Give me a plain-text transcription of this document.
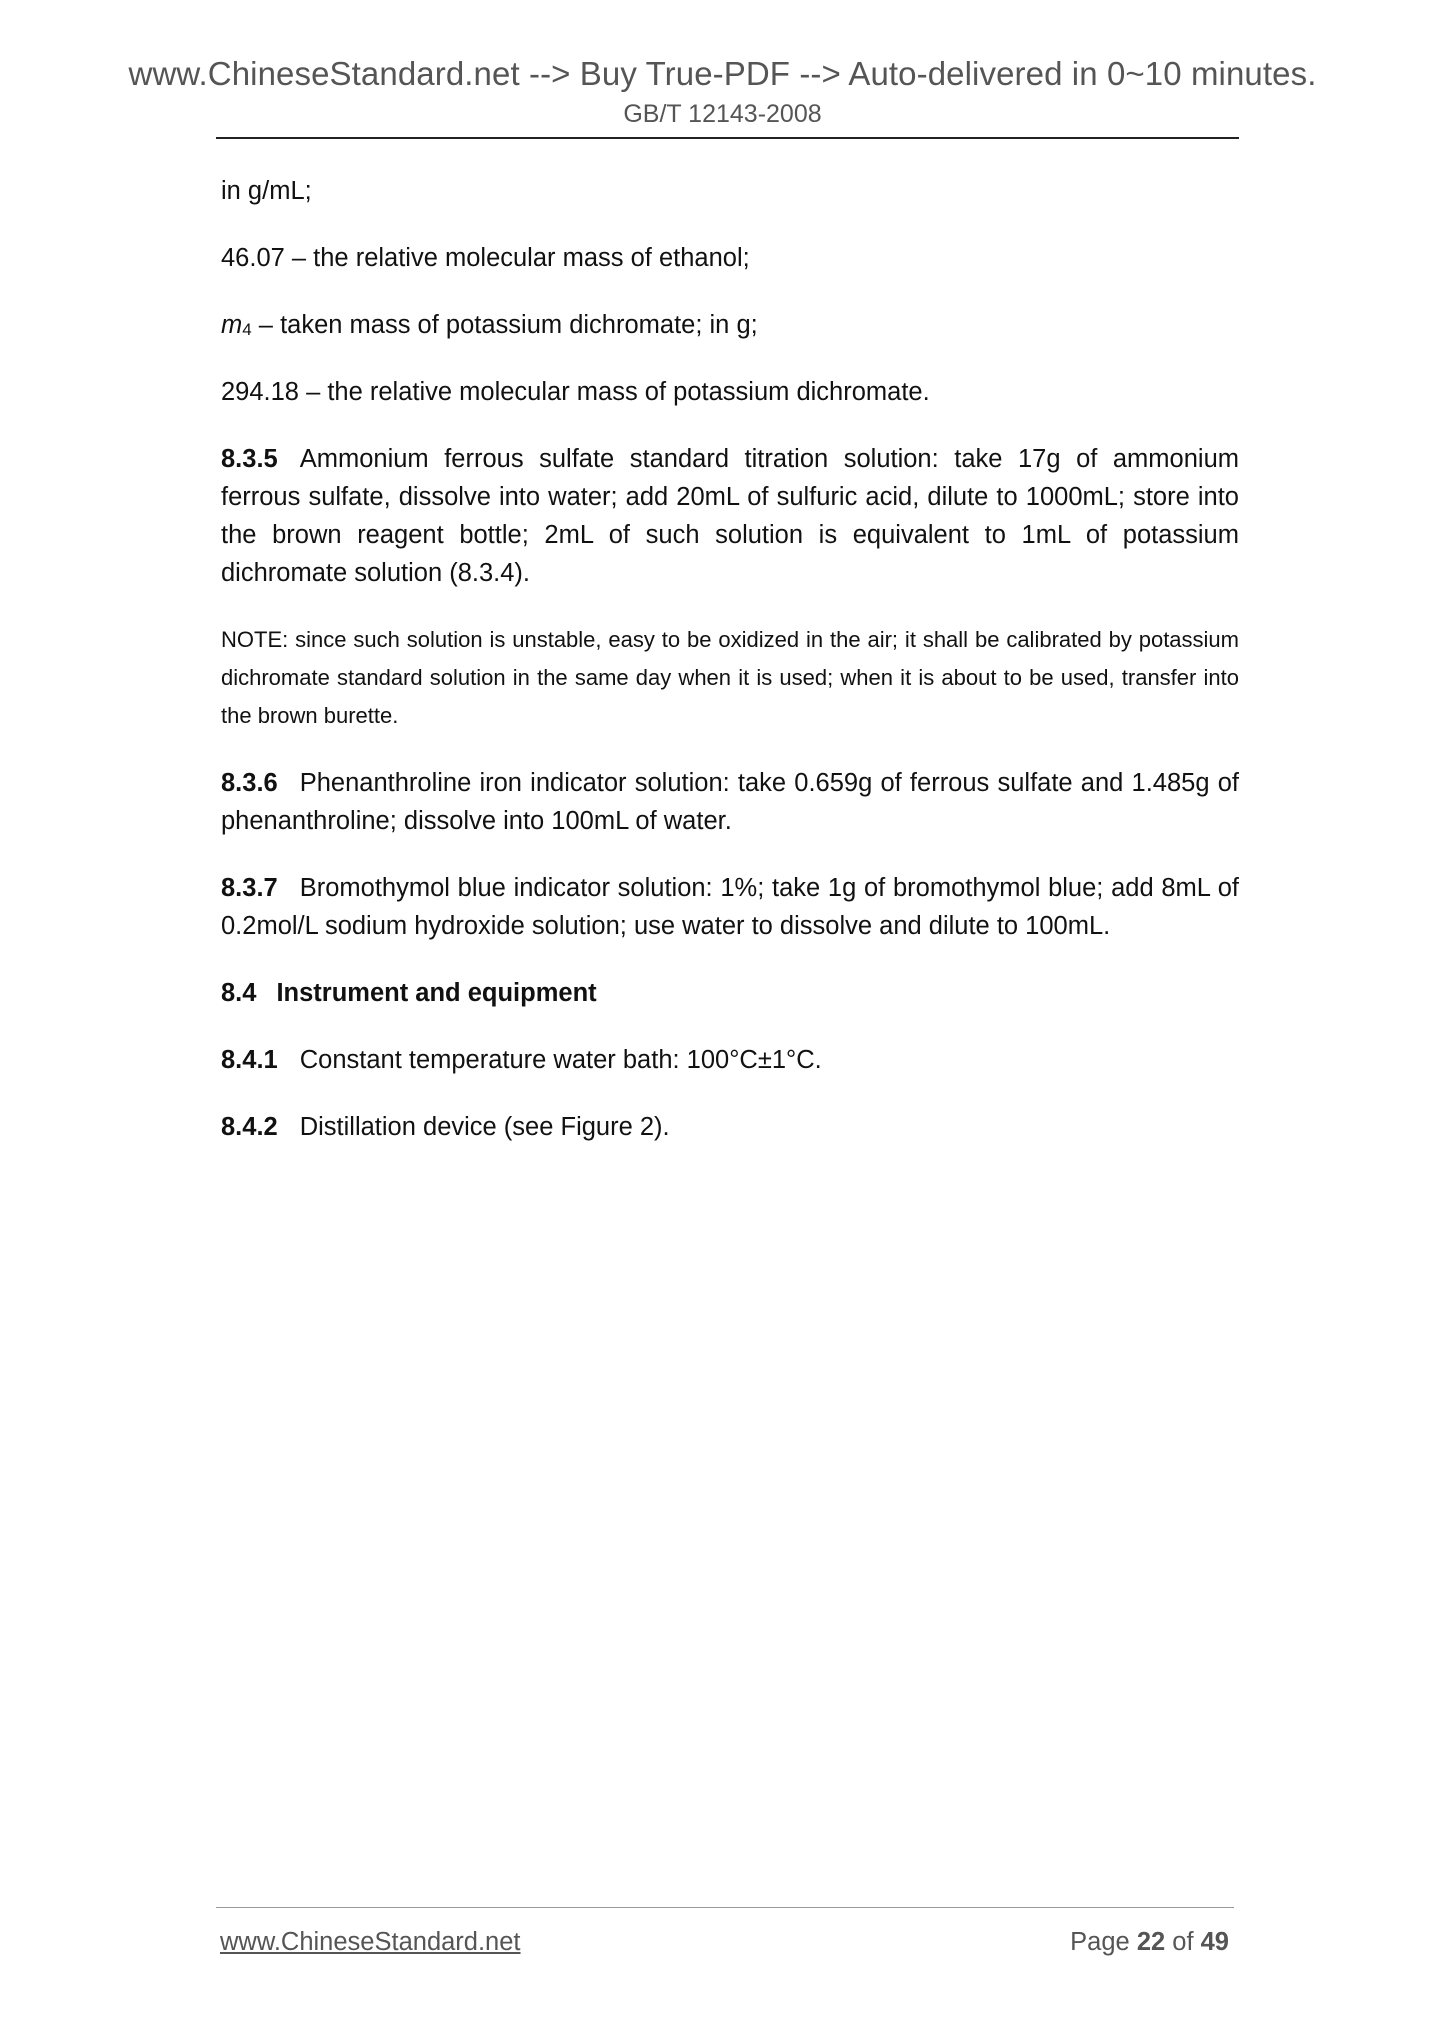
www.ChineseStandard.net --> Buy True-PDF --> Auto-delivered in 0~10 minutes.
GB/T 12143-2008

in g/mL;

46.07 – the relative molecular mass of ethanol;

$m_4$ – taken mass of potassium dichromate; in g;

294.18 – the relative molecular mass of potassium dichromate.

8.3.5 Ammonium ferrous sulfate standard titration solution: take 17g of ammonium ferrous sulfate, dissolve into water; add 20mL of sulfuric acid, dilute to 1000mL; store into the brown reagent bottle; 2mL of such solution is equivalent to 1mL of potassium dichromate solution (8.3.4).

NOTE: since such solution is unstable, easy to be oxidized in the air; it shall be calibrated by potassium dichromate standard solution in the same day when it is used; when it is about to be used, transfer into the brown burette.

8.3.6 Phenanthroline iron indicator solution: take 0.659g of ferrous sulfate and 1.485g of phenanthroline; dissolve into 100mL of water.

8.3.7 Bromothymol blue indicator solution: 1%; take 1g of bromothymol blue; add 8mL of 0.2mol/L sodium hydroxide solution; use water to dissolve and dilute to 100mL.

8.4 Instrument and equipment

8.4.1 Constant temperature water bath: 100°C±1°C.

8.4.2 Distillation device (see Figure 2).

www.ChineseStandard.net	Page 22 of 49
